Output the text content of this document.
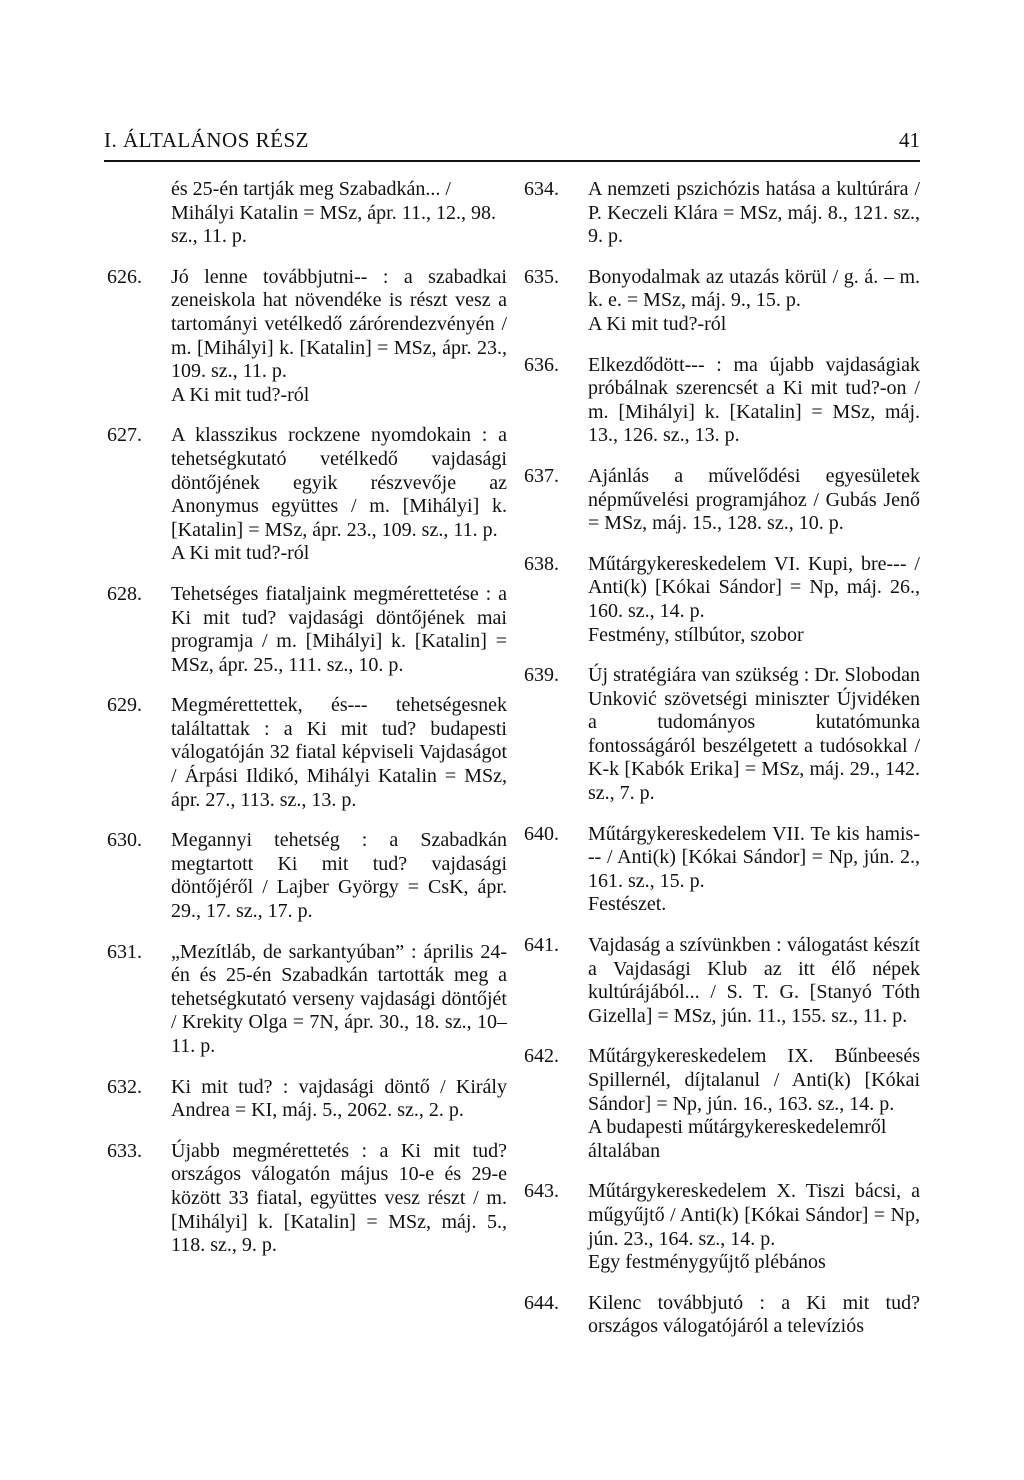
I. ÁLTALÁNOS RÉSZ	41
és 25-én tartják meg Szabadkán... / Mihályi Katalin = MSz, ápr. 11., 12., 98. sz., 11. p.
626.	Jó lenne továbbjutni-- : a szabadkai zeneiskola hat növendéke is részt vesz a tartományi vetélkedő zárórendezvényén / m. [Mihályi] k. [Katalin] = MSz, ápr. 23., 109. sz., 11. p.
A Ki mit tud?-ról
627.	A klasszikus rockzene nyomdokain : a tehetségkutató vetélkedő vajdasági döntőjének egyik részvevője az Anonymus együttes / m. [Mihályi] k. [Katalin] = MSz, ápr. 23., 109. sz., 11. p.
A Ki mit tud?-ról
628.	Tehetséges fiataljaink megmérettetése : a Ki mit tud? vajdasági döntőjének mai programja / m. [Mihályi] k. [Katalin] = MSz, ápr. 25., 111. sz., 10. p.
629.	Megmérettettek, és--- tehetségesnek találtattak : a Ki mit tud? budapesti válogatóján 32 fiatal képviseli Vajdaságot / Árpási Ildikó, Mihályi Katalin = MSz, ápr. 27., 113. sz., 13. p.
630.	Megannyi tehetség : a Szabadkán megtartott Ki mit tud? vajdasági döntőjéről / Lajber György = CsK, ápr. 29., 17. sz., 17. p.
631.	„Mezítláb, de sarkantyúban” : április 24-én és 25-én Szabadkán tartották meg a tehetségkutató verseny vajdasági döntőjét / Krekity Olga = 7N, ápr. 30., 18. sz., 10–11. p.
632.	Ki mit tud? : vajdasági döntő / Király Andrea = KI, máj. 5., 2062. sz., 2. p.
633.	Újabb megmérettetés : a Ki mit tud? országos válogatón május 10-e és 29-e között 33 fiatal, együttes vesz részt / m. [Mihályi] k. [Katalin] = MSz, máj. 5., 118. sz., 9. p.
634.	A nemzeti pszichózis hatása a kultúrára / P. Keczeli Klára = MSz, máj. 8., 121. sz., 9. p.
635.	Bonyodalmak az utazás körül / g. á. – m. k. e. = MSz, máj. 9., 15. p.
A Ki mit tud?-ról
636.	Elkezdődött--- : ma újabb vajdaságiak próbálnak szerencsét a Ki mit tud?-on / m. [Mihályi] k. [Katalin] = MSz, máj. 13., 126. sz., 13. p.
637.	Ajánlás a művelődési egyesületek népművelési programjához / Gubás Jenő = MSz, máj. 15., 128. sz., 10. p.
638.	Műtárgykereskedelem VI. Kupi, bre--- / Anti(k) [Kókai Sándor] = Np, máj. 26., 160. sz., 14. p.
Festmény, stílbútor, szobor
639.	Új stratégiára van szükség : Dr. Slobodan Unković szövetségi miniszter Újvidéken a tudományos kutatómunka fontosságáról beszélgetett a tudósokkal / K-k [Kabók Erika] = MSz, máj. 29., 142. sz., 7. p.
640.	Műtárgykereskedelem VII. Te kis hamis--- / Anti(k) [Kókai Sándor] = Np, jún. 2., 161. sz., 15. p.
Festészet.
641.	Vajdaság a szívünkben : válogatást készít a Vajdasági Klub az itt élő népek kultúrájából... / S. T. G. [Stanyó Tóth Gizella] = MSz, jún. 11., 155. sz., 11. p.
642.	Műtárgykereskedelem IX. Bűnbeesés Spillernél, díjtalanul / Anti(k) [Kókai Sándor] = Np, jún. 16., 163. sz., 14. p.
A budapesti műtárgykereskedelemről általában
643.	Műtárgykereskedelem X. Tiszi bácsi, a műgyűjtő / Anti(k) [Kókai Sándor] = Np, jún. 23., 164. sz., 14. p.
Egy festménygyűjtő plébános
644.	Kilenc továbbjutó : a Ki mit tud? országos válogatójáról a televíziós
